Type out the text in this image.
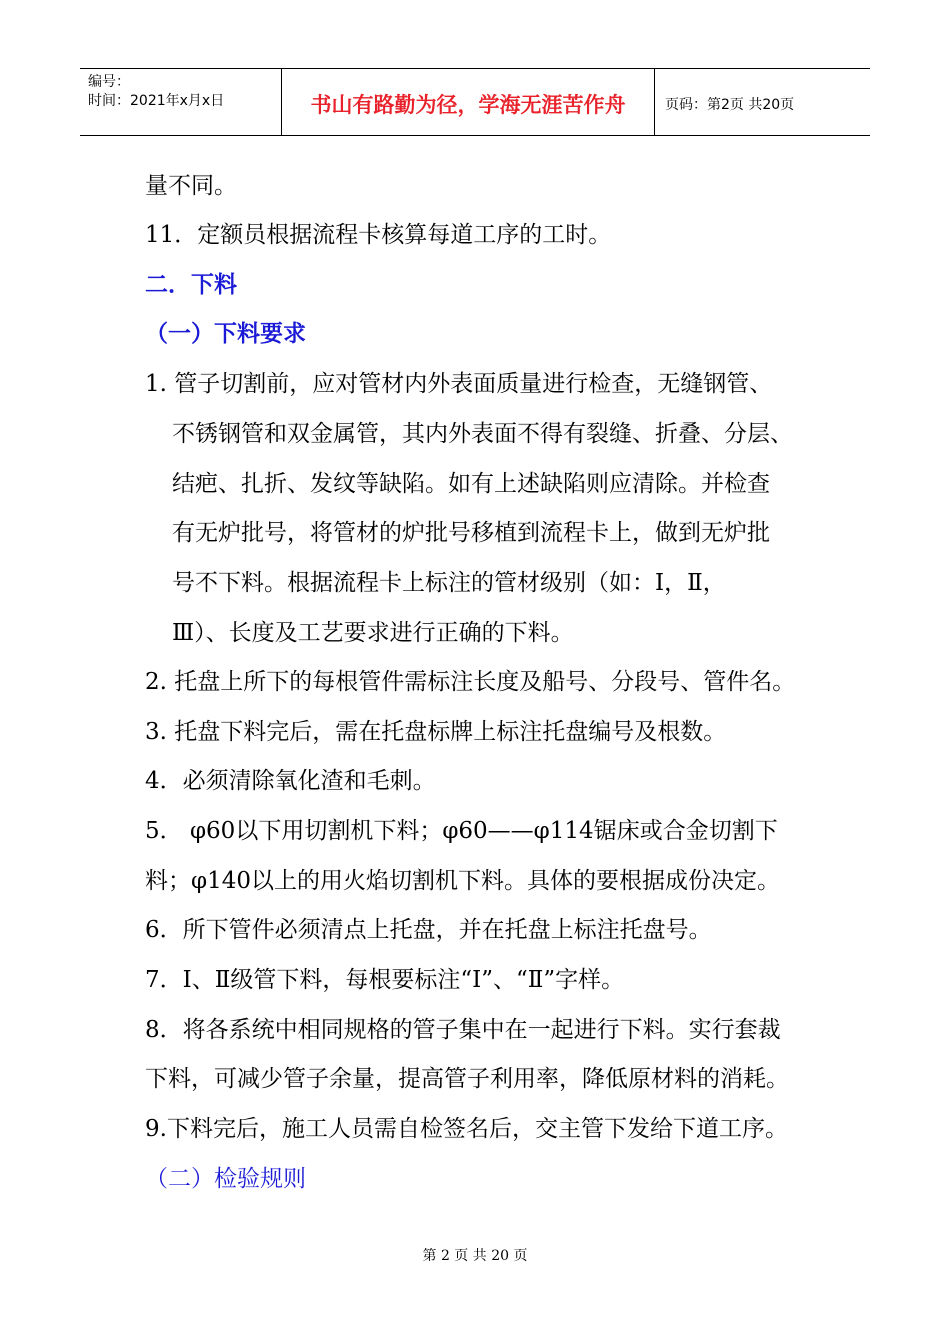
编号：
时间：2021年x月x日	书山有路勤为径，学海无涯苦作舟	页码：第2页 共20页
量不同。
11．定额员根据流程卡核算每道工序的工时。
二．下料
（一）下料要求
1. 管子切割前，应对管材内外表面质量进行检查，无缝钢管、
不锈钢管和双金属管，其内外表面不得有裂缝、折叠、分层、
结疤、扎折、发纹等缺陷。如有上述缺陷则应清除。并检查
有无炉批号，将管材的炉批号移植到流程卡上，做到无炉批
号不下料。根据流程卡上标注的管材级别（如：Ⅰ，Ⅱ，
Ⅲ）、长度及工艺要求进行正确的下料。
2. 托盘上所下的每根管件需标注长度及船号、分段号、管件名。
3. 托盘下料完后，需在托盘标牌上标注托盘编号及根数。
4．必须清除氧化渣和毛刺。
5． φ60以下用切割机下料；φ60——φ114锯床或合金切割下
料；φ140以上的用火焰切割机下料。具体的要根据成份决定。
6．所下管件必须清点上托盘，并在托盘上标注托盘号。
7．Ⅰ、Ⅱ级管下料，每根要标注“Ⅰ”、“Ⅱ”字样。
8．将各系统中相同规格的管子集中在一起进行下料。实行套裁
下料，可减少管子余量，提高管子利用率，降低原材料的消耗。
9.下料完后，施工人员需自检签名后，交主管下发给下道工序。
（二）检验规则
第 2 页 共 20 页
